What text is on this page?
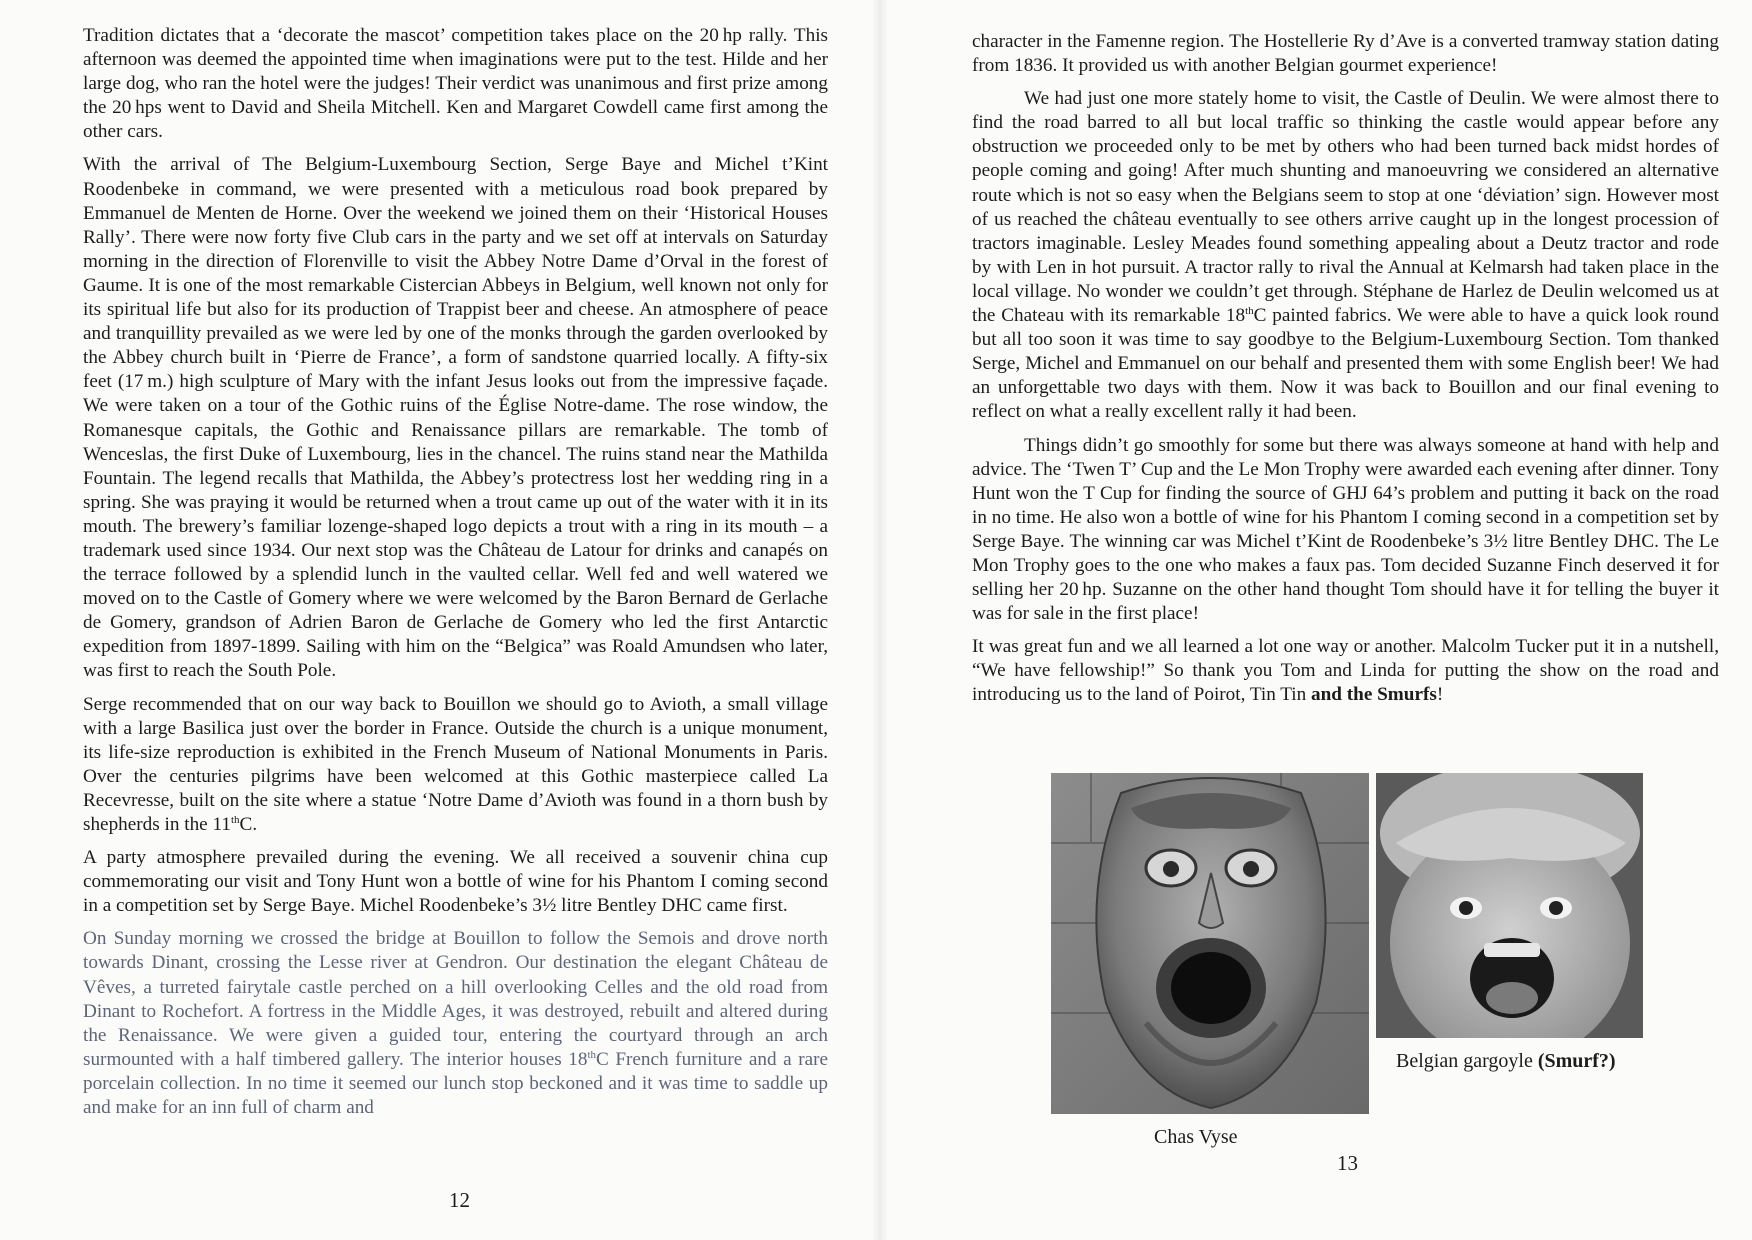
Tradition dictates that a ‘decorate the mascot’ competition takes place on the 20 hp rally. This afternoon was deemed the appointed time when imaginations were put to the test. Hilde and her large dog, who ran the hotel were the judges! Their verdict was unanimous and first prize among the 20 hps went to David and Sheila Mitchell. Ken and Margaret Cowdell came first among the other cars.

With the arrival of The Belgium-Luxembourg Section, Serge Baye and Michel t’Kint Roodenbeke in command, we were presented with a meticulous road book prepared by Emmanuel de Menten de Horne. Over the weekend we joined them on their ‘Historical Houses Rally’. There were now forty five Club cars in the party and we set off at intervals on Saturday morning in the direction of Florenville to visit the Abbey Notre Dame d’Orval in the forest of Gaume. It is one of the most remarkable Cistercian Abbeys in Belgium, well known not only for its spiritual life but also for its production of Trappist beer and cheese. An atmosphere of peace and tranquillity prevailed as we were led by one of the monks through the garden overlooked by the Abbey church built in ‘Pierre de France’, a form of sandstone quarried locally. A fifty-six feet (17 m.) high sculpture of Mary with the infant Jesus looks out from the impressive façade. We were taken on a tour of the Gothic ruins of the Église Notre-dame. The rose window, the Romanesque capitals, the Gothic and Renaissance pillars are remarkable. The tomb of Wenceslas, the first Duke of Luxembourg, lies in the chancel. The ruins stand near the Mathilda Fountain. The legend recalls that Mathilda, the Abbey’s protectress lost her wedding ring in a spring. She was praying it would be returned when a trout came up out of the water with it in its mouth. The brewery’s familiar lozenge-shaped logo depicts a trout with a ring in its mouth – a trademark used since 1934. Our next stop was the Château de Latour for drinks and canapés on the terrace followed by a splendid lunch in the vaulted cellar. Well fed and well watered we moved on to the Castle of Gomery where we were welcomed by the Baron Bernard de Gerlache de Gomery, grandson of Adrien Baron de Gerlache de Gomery who led the first Antarctic expedition from 1897-1899. Sailing with him on the “Belgica” was Roald Amundsen who later, was first to reach the South Pole.

Serge recommended that on our way back to Bouillon we should go to Avioth, a small village with a large Basilica just over the border in France. Outside the church is a unique monument, its life-size reproduction is exhibited in the French Museum of National Monuments in Paris. Over the centuries pilgrims have been welcomed at this Gothic masterpiece called La Recevresse, built on the site where a statue ‘Notre Dame d’Avioth was found in a thorn bush by shepherds in the 11thC.

A party atmosphere prevailed during the evening. We all received a souvenir china cup commemorating our visit and Tony Hunt won a bottle of wine for his Phantom I coming second in a competition set by Serge Baye. Michel Roodenbeke’s 3½ litre Bentley DHC came first.

On Sunday morning we crossed the bridge at Bouillon to follow the Semois and drove north towards Dinant, crossing the Lesse river at Gendron. Our destination the elegant Château de Vêves, a turreted fairytale castle perched on a hill overlooking Celles and the old road from Dinant to Rochefort. A fortress in the Middle Ages, it was destroyed, rebuilt and altered during the Renaissance. We were given a guided tour, entering the courtyard through an arch surmounted with a half timbered gallery. The interior houses 18thC French furniture and a rare porcelain collection. In no time it seemed our lunch stop beckoned and it was time to saddle up and make for an inn full of charm and

12

character in the Famenne region. The Hostellerie Ry d’Ave is a converted tramway station dating from 1836. It provided us with another Belgian gourmet experience!

We had just one more stately home to visit, the Castle of Deulin. We were almost there to find the road barred to all but local traffic so thinking the castle would appear before any obstruction we proceeded only to be met by others who had been turned back midst hordes of people coming and going! After much shunting and manoeuvring we considered an alternative route which is not so easy when the Belgians seem to stop at one ‘déviation’ sign. However most of us reached the château eventually to see others arrive caught up in the longest procession of tractors imaginable. Lesley Meades found something appealing about a Deutz tractor and rode by with Len in hot pursuit. A tractor rally to rival the Annual at Kelmarsh had taken place in the local village. No wonder we couldn’t get through. Stéphane de Harlez de Deulin welcomed us at the Chateau with its remarkable 18thC painted fabrics. We were able to have a quick look round but all too soon it was time to say goodbye to the Belgium-Luxembourg Section. Tom thanked Serge, Michel and Emmanuel on our behalf and presented them with some English beer! We had an unforgettable two days with them. Now it was back to Bouillon and our final evening to reflect on what a really excellent rally it had been.

Things didn’t go smoothly for some but there was always someone at hand with help and advice. The ‘Twen T’ Cup and the Le Mon Trophy were awarded each evening after dinner. Tony Hunt won the T Cup for finding the source of GHJ 64’s problem and putting it back on the road in no time. He also won a bottle of wine for his Phantom I coming second in a competition set by Serge Baye. The winning car was Michel t’Kint de Roodenbeke’s 3½ litre Bentley DHC. The Le Mon Trophy goes to the one who makes a faux pas. Tom decided Suzanne Finch deserved it for selling her 20 hp. Suzanne on the other hand thought Tom should have it for telling the buyer it was for sale in the first place!

It was great fun and we all learned a lot one way or another. Malcolm Tucker put it in a nutshell, “We have fellowship!” So thank you Tom and Linda for putting the show on the road and introducing us to the land of Poirot, Tin Tin and the Smurfs!

Belgian gargoyle (Smurf?)
Chas Vyse
13
